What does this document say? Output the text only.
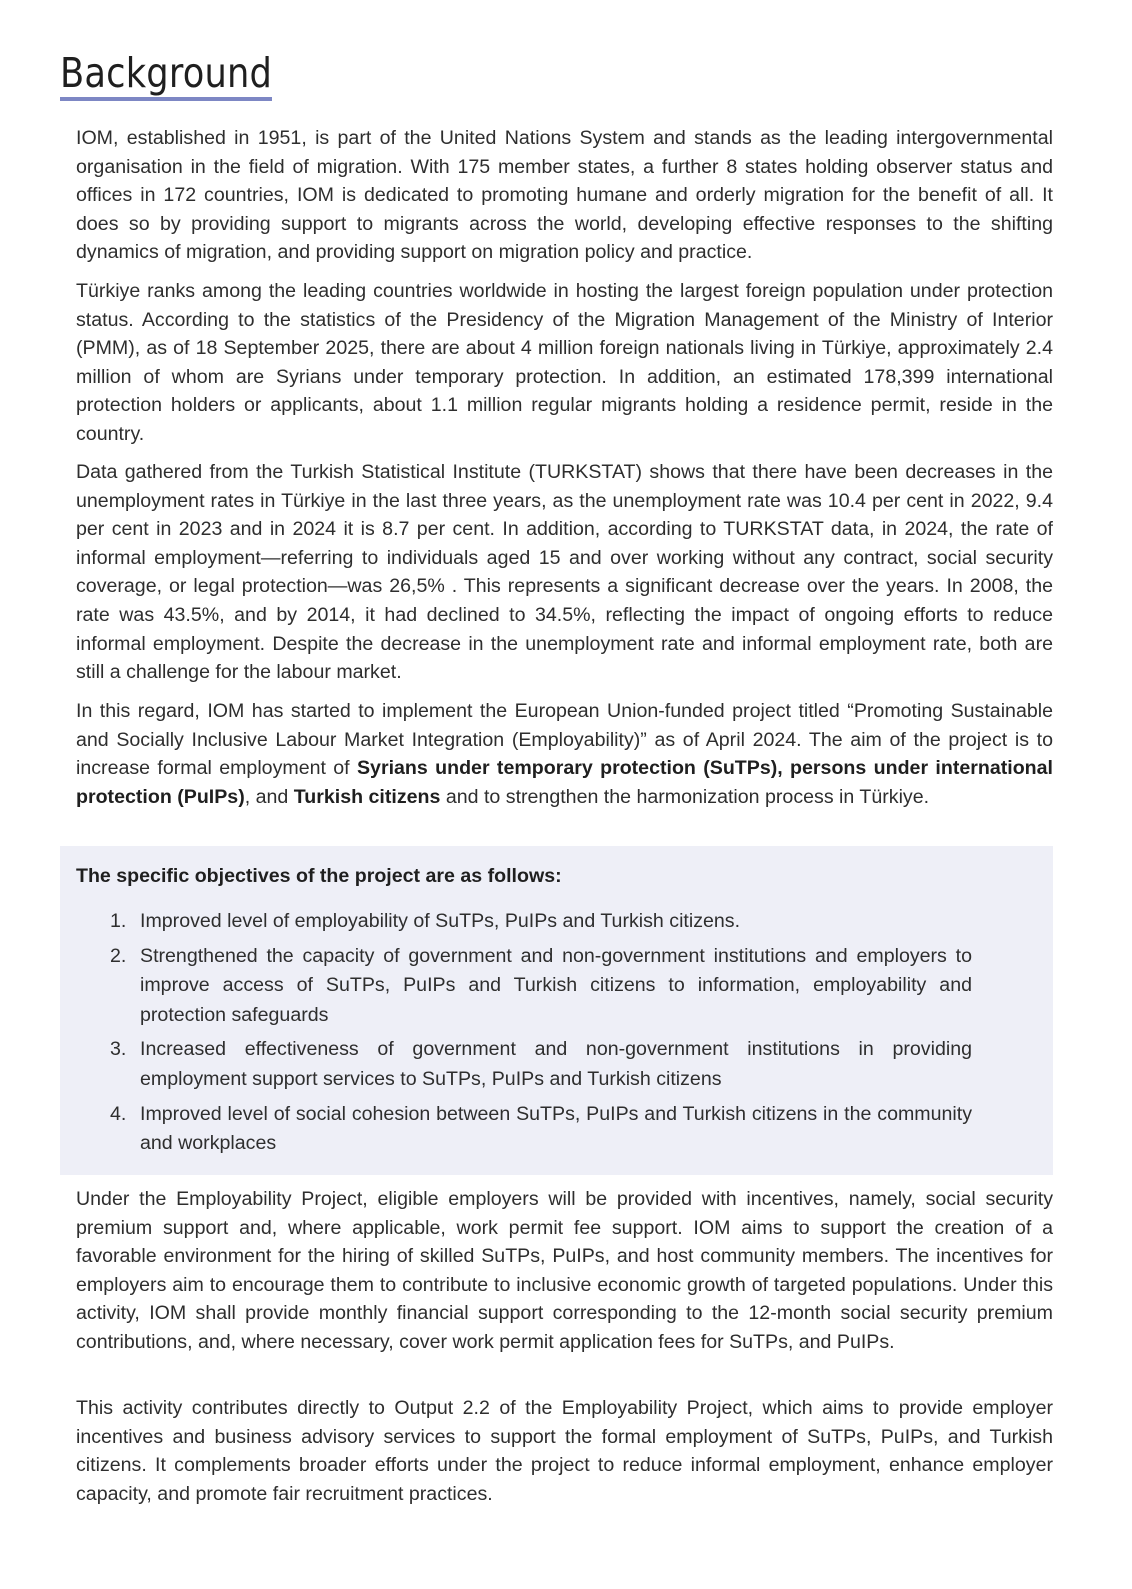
Background

IOM, established in 1951, is part of the United Nations System and stands as the leading intergovernmental organisation in the field of migration. With 175 member states, a further 8 states holding observer status and offices in 172 countries, IOM is dedicated to promoting humane and orderly migration for the benefit of all. It does so by providing support to migrants across the world, developing effective responses to the shifting dynamics of migration, and providing support on migration policy and practice.

Türkiye ranks among the leading countries worldwide in hosting the largest foreign population under protection status. According to the statistics of the Presidency of the Migration Management of the Ministry of Interior (PMM), as of 18 September 2025, there are about 4 million foreign nationals living in Türkiye, approximately 2.4 million of whom are Syrians under temporary protection. In addition, an estimated 178,399 international protection holders or applicants, about 1.1 million regular migrants holding a residence permit, reside in the country.

Data gathered from the Turkish Statistical Institute (TURKSTAT) shows that there have been decreases in the unemployment rates in Türkiye in the last three years, as the unemployment rate was 10.4 per cent in 2022, 9.4 per cent in 2023 and in 2024 it is 8.7 per cent. In addition, according to TURKSTAT data, in 2024, the rate of informal employment—referring to individuals aged 15 and over working without any contract, social security coverage, or legal protection—was 26,5% . This represents a significant decrease over the years. In 2008, the rate was 43.5%, and by 2014, it had declined to 34.5%, reflecting the impact of ongoing efforts to reduce informal employment. Despite the decrease in the unemployment rate and informal employment rate, both are still a challenge for the labour market.

In this regard, IOM has started to implement the European Union-funded project titled “Promoting Sustainable and Socially Inclusive Labour Market Integration (Employability)” as of April 2024. The aim of the project is to increase formal employment of Syrians under temporary protection (SuTPs), persons under international protection (PuIPs), and Turkish citizens and to strengthen the harmonization process in Türkiye.

The specific objectives of the project are as follows:
1. Improved level of employability of SuTPs, PuIPs and Turkish citizens.
2. Strengthened the capacity of government and non-government institutions and employers to improve access of SuTPs, PuIPs and Turkish citizens to information, employability and protection safeguards
3. Increased effectiveness of government and non-government institutions in providing employment support services to SuTPs, PuIPs and Turkish citizens
4. Improved level of social cohesion between SuTPs, PuIPs and Turkish citizens in the community and workplaces

Under the Employability Project, eligible employers will be provided with incentives, namely, social security premium support and, where applicable, work permit fee support. IOM aims to support the creation of a favorable environment for the hiring of skilled SuTPs, PuIPs, and host community members. The incentives for employers aim to encourage them to contribute to inclusive economic growth of targeted populations. Under this activity, IOM shall provide monthly financial support corresponding to the 12-month social security premium contributions, and, where necessary, cover work permit application fees for SuTPs, and PuIPs.

This activity contributes directly to Output 2.2 of the Employability Project, which aims to provide employer incentives and business advisory services to support the formal employment of SuTPs, PuIPs, and Turkish citizens. It complements broader efforts under the project to reduce informal employment, enhance employer capacity, and promote fair recruitment practices.
